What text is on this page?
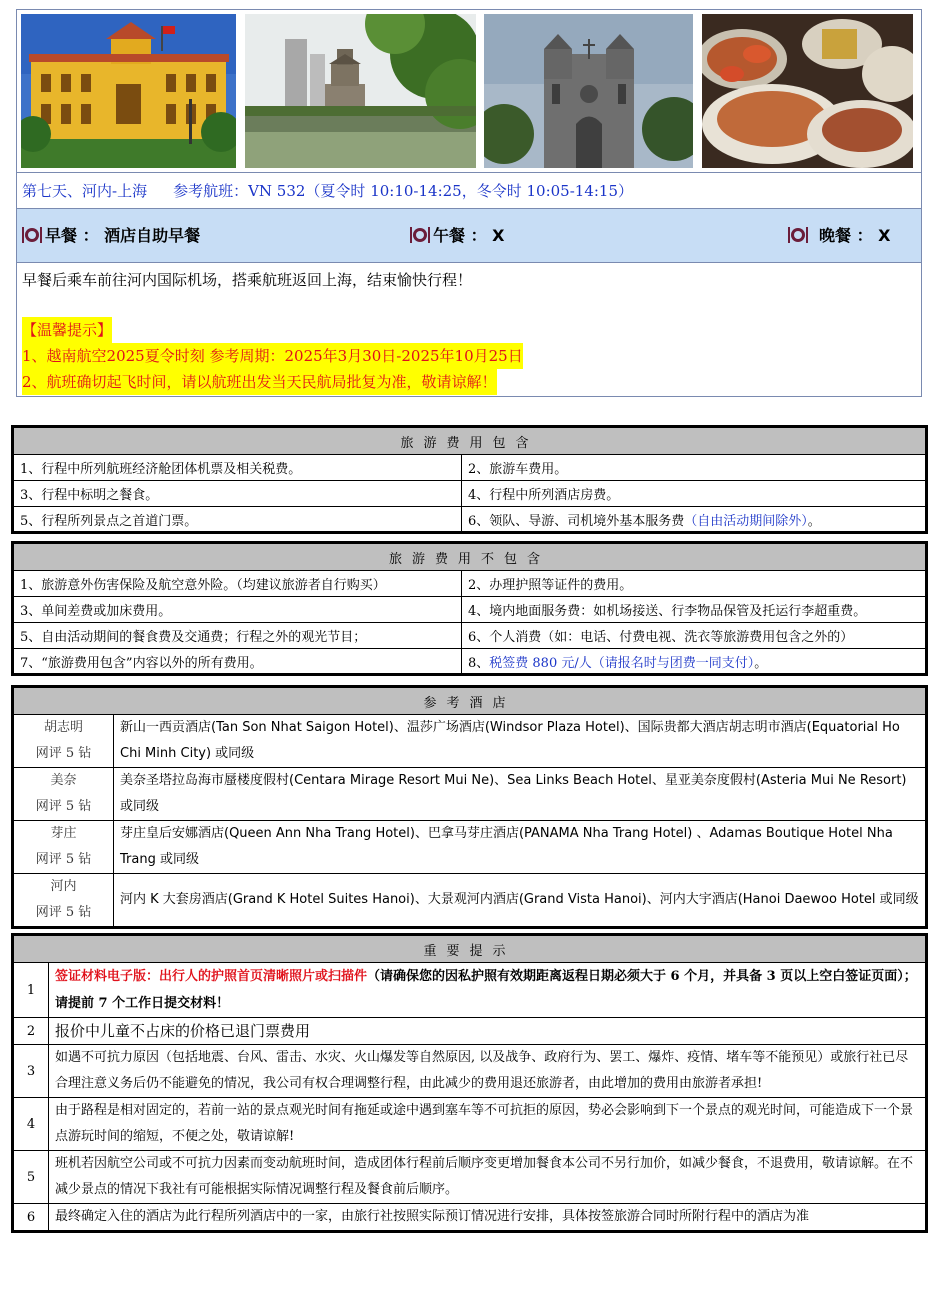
第七天、河内-上海 参考航班：VN 532（夏令时 10:10-14:25，冬令时 10:05-14:15）
早餐 ： 酒店自助早餐	午餐 ： X	晚餐 ： X
早餐后乘车前往河内国际机场，搭乘航班返回上海，结束愉快行程！
【温馨提示】
1、越南航空2025夏令时刻 参考周期：2025年3月30日-2025年10月25日
2、航班确切起飞时间，请以航班出发当天民航局批复为准，敬请谅解！
旅游费用包含	
1、行程中所列航班经济舱团体机票及相关税费。	2、旅游车费用。
3、行程中标明之餐食。	4、行程中所列酒店房费。
5、行程所列景点之首道门票。	6、领队、导游、司机境外基本服务费（自由活动期间除外）。
旅游费用不包含	
1、旅游意外伤害保险及航空意外险。（均建议旅游者自行购买）	2、办理护照等证件的费用。
3、单间差费或加床费用。	4、境内地面服务费：如机场接送、行李物品保管及托运行李超重费。
5、自由活动期间的餐食费及交通费；行程之外的观光节目；	6、个人消费（如：电话、付费电视、洗衣等旅游费用包含之外的）
7、“旅游费用包含”内容以外的所有费用。	8、税签费 880 元/人（请报名时与团费一同支付）。
参考酒店	

胡志明
网评 5 钻	新山一西贡酒店(Tan Son Nhat Saigon Hotel)、温莎广场酒店(Windsor Plaza Hotel)、国际贵都大酒店胡志明市酒店(Equatorial Ho Chi Minh City) 或同级

美奈
网评 5 钻	美奈圣塔拉岛海市蜃楼度假村(Centara Mirage Resort Mui Ne)、Sea Links Beach Hotel、星亚美奈度假村(Asteria Mui Ne Resort) 或同级

芽庄
网评 5 钻	芽庄皇后安娜酒店(Queen Ann Nha Trang Hotel)、巴拿马芽庄酒店(PANAMA Nha Trang Hotel) 、Adamas Boutique Hotel Nha Trang 或同级

河内
网评 5 钻	河内 K 大套房酒店(Grand K Hotel Suites Hanoi)、大景观河内酒店(Grand Vista Hanoi)、河内大宇酒店(Hanoi Daewoo Hotel 或同级
重要提示	
1	签证材料电子版：出行人的护照首页清晰照片或扫描件（请确保您的因私护照有效期距离返程日期必须大于 6 个月，并具备 3 页以上空白签证页面）；请提前 7 个工作日提交材料！
2	报价中儿童不占床的价格已退门票费用
3	如遇不可抗力原因（包括地震、台风、雷击、水灾、火山爆发等自然原因, 以及战争、政府行为、罢工、爆炸、疫情、堵车等不能预见）或旅行社已尽合理注意义务后仍不能避免的情况，我公司有权合理调整行程，由此减少的费用退还旅游者，由此增加的费用由旅游者承担!
4	由于路程是相对固定的，若前一站的景点观光时间有拖延或途中遇到塞车等不可抗拒的原因，势必会影响到下一个景点的观光时间，可能造成下一个景点游玩时间的缩短，不便之处，敬请谅解!
5	班机若因航空公司或不可抗力因素而变动航班时间，造成团体行程前后顺序变更增加餐食本公司不另行加价，如减少餐食，不退费用，敬请谅解。在不减少景点的情况下我社有可能根据实际情况调整行程及餐食前后顺序。
6	最终确定入住的酒店为此行程所列酒店中的一家，由旅行社按照实际预订情况进行安排，具体按签旅游合同时所附行程中的酒店为准
